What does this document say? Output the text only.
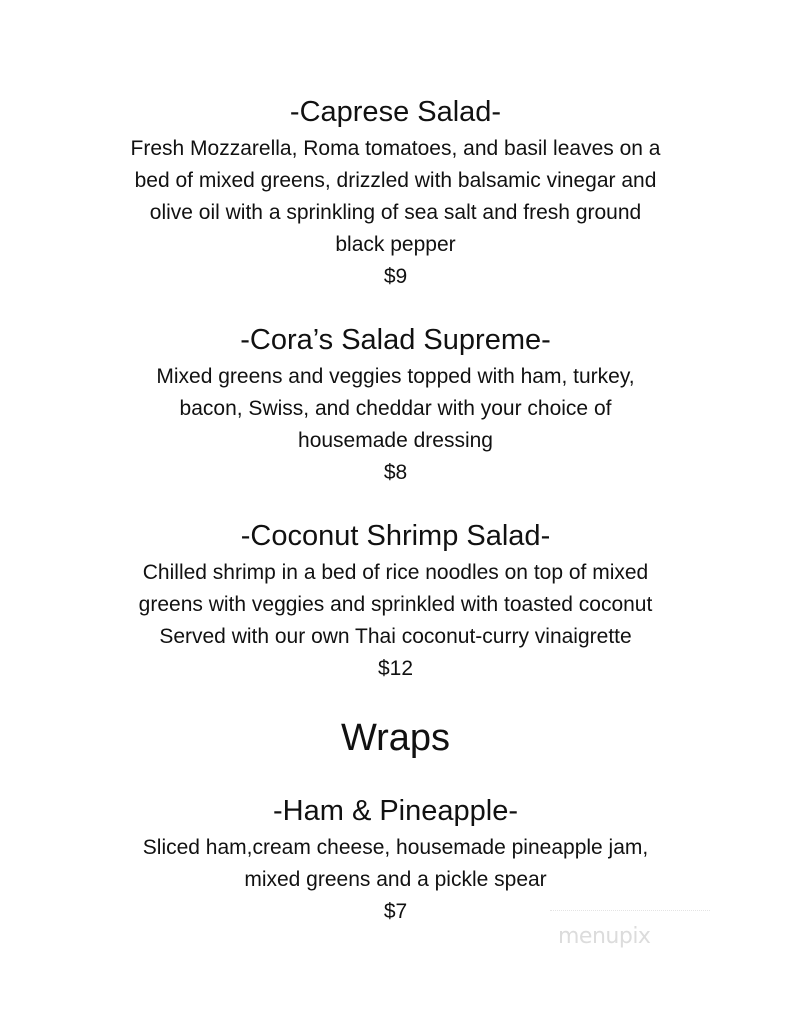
-Caprese Salad-
Fresh Mozzarella, Roma tomatoes, and basil leaves on a
bed of mixed greens, drizzled with balsamic vinegar and
olive oil with a sprinkling of sea salt and fresh ground
black pepper
$9
-Cora’s Salad Supreme-
Mixed greens and veggies topped with ham, turkey,
bacon, Swiss, and cheddar with your choice of
housemade dressing
$8
-Coconut Shrimp Salad-
Chilled shrimp in a bed of rice noodles on top of mixed
greens with veggies and sprinkled with toasted coconut
Served with our own Thai coconut-curry vinaigrette
$12
Wraps
-Ham & Pineapple-
Sliced ham,cream cheese, housemade pineapple jam,
mixed greens and a pickle spear
$7
menupix
